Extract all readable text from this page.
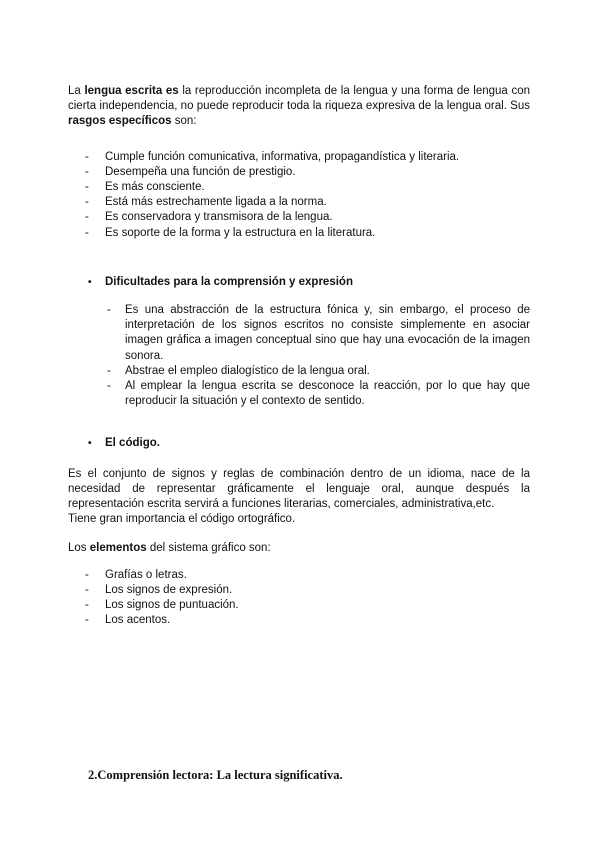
La lengua escrita es la reproducción incompleta de la lengua y una forma de lengua con cierta independencia, no puede reproducir toda la riqueza expresiva de la lengua oral. Sus rasgos específicos son:

-	Cumple función comunicativa, informativa, propagandística y literaria.
-	Desempeña una función de prestigio.
-	Es más consciente.
-	Está más estrechamente ligada a la norma.
-	Es conservadora y transmisora de la lengua.
-	Es soporte de la forma y la estructura en la literatura.
•	Dificultades para la comprensión y expresión
-	Es una abstracción de la estructura fónica y, sin embargo, el proceso de interpretación de los signos escritos no consiste simplemente en asociar imagen gráfica a imagen conceptual sino que hay una evocación de la imagen sonora.
-	Abstrae el empleo dialogístico de la lengua oral.
-	Al emplear la lengua escrita se desconoce la reacción, por lo que hay que reproducir la situación y el contexto de sentido.
•	El código.

Es el conjunto de signos y reglas de combinación dentro de un idioma, nace de la necesidad de representar gráficamente el lenguaje oral, aunque después la representación escrita servirá a funciones literarias, comerciales, administrativa,etc.

Tiene gran importancia el código ortográfico.

Los elementos del sistema gráfico son:

-	Grafías o letras.
-	Los signos de expresión.
-	Los signos de puntuación.
-	Los acentos.
2. Comprensión lectora: La lectura significativa.
